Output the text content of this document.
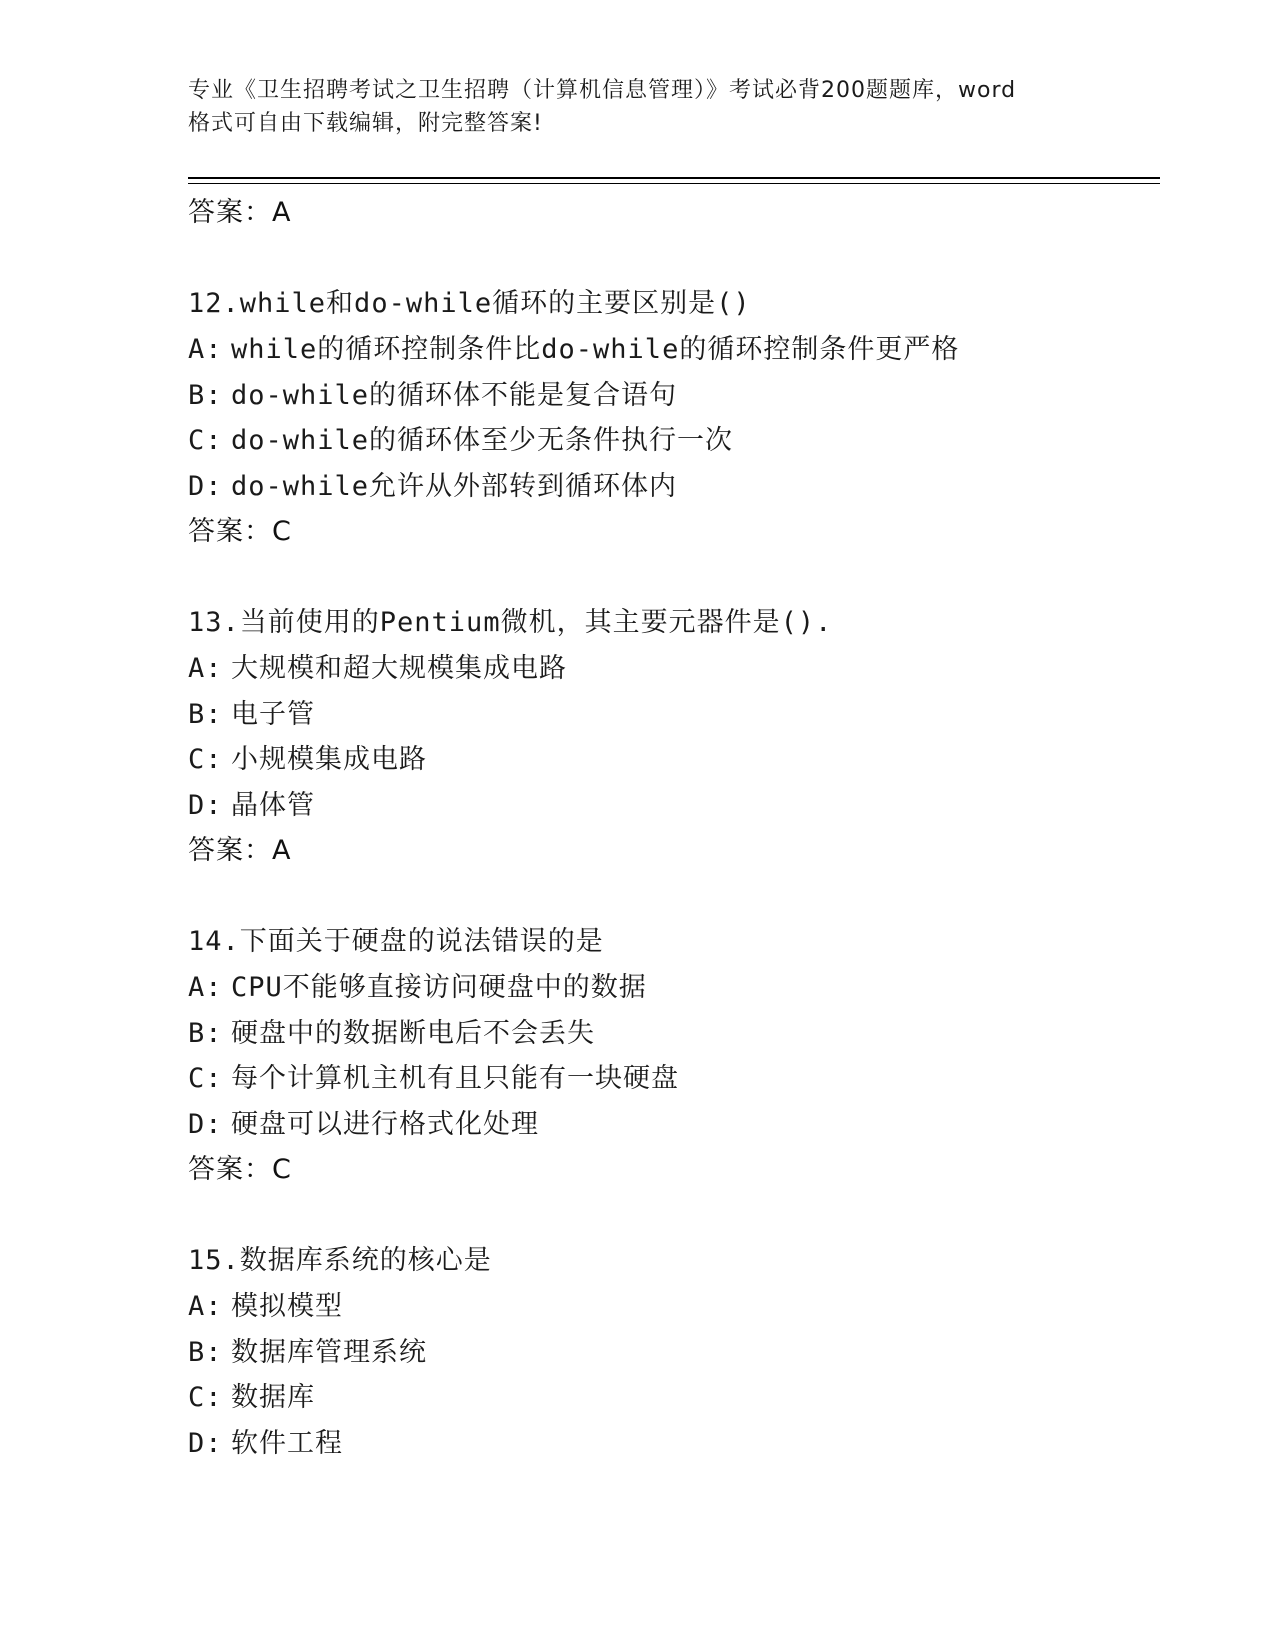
专业《卫生招聘考试之卫生招聘（计算机信息管理）》考试必背200题题库，word
格式可自由下载编辑，附完整答案!
答案：A
12.while和do-while循环的主要区别是()
A: while的循环控制条件比do-while的循环控制条件更严格
B: do-while的循环体不能是复合语句
C: do-while的循环体至少无条件执行一次
D: do-while允许从外部转到循环体内
答案：C
13.当前使用的Pentium微机，其主要元器件是().
A: 大规模和超大规模集成电路
B: 电子管
C: 小规模集成电路
D: 晶体管
答案：A
14.下面关于硬盘的说法错误的是
A: CPU不能够直接访问硬盘中的数据
B: 硬盘中的数据断电后不会丢失
C: 每个计算机主机有且只能有一块硬盘
D: 硬盘可以进行格式化处理
答案：C
15.数据库系统的核心是
A: 模拟模型
B: 数据库管理系统
C: 数据库
D: 软件工程
